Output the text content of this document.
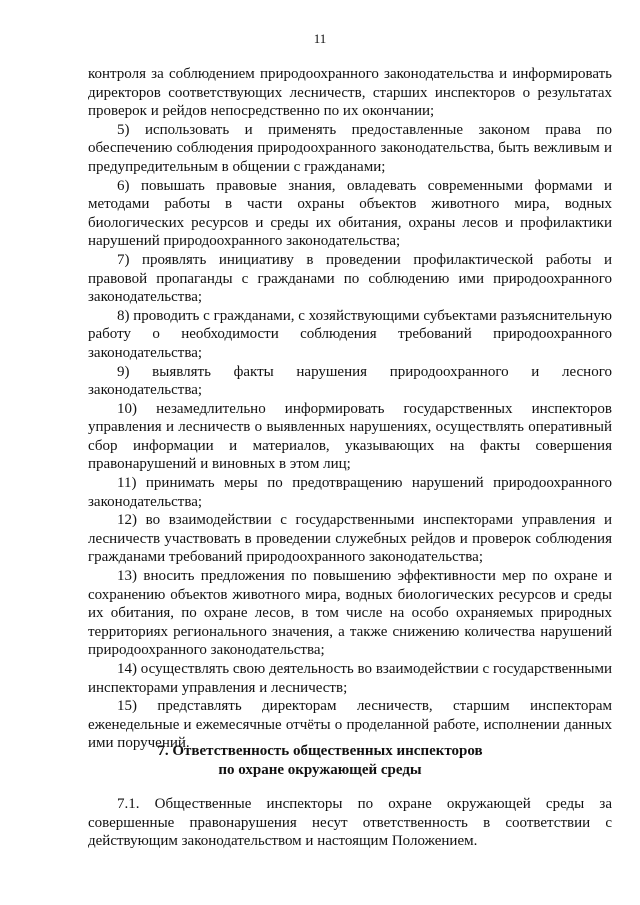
11

контроля за соблюдением природоохранного законодательства и информировать директоров соответствующих лесничеств, старших инспекторов о результатах проверок и рейдов непосредственно по их окончании;

5) использовать и применять предоставленные законом права по обеспечению соблюдения природоохранного законодательства, быть вежливым и предупредительным в общении с гражданами;

6) повышать правовые знания, овладевать современными формами и методами работы в части охраны объектов животного мира, водных биологических ресурсов и среды их обитания, охраны лесов и профилактики нарушений природоохранного законодательства;

7) проявлять инициативу в проведении профилактической работы и правовой пропаганды с гражданами по соблюдению ими природоохранного законодательства;

8) проводить с гражданами, с хозяйствующими субъектами разъяснительную работу о необходимости соблюдения требований природоохранного законодательства;

9) выявлять факты нарушения природоохранного и лесного законодательства;

10) незамедлительно информировать государственных инспекторов управления и лесничеств о выявленных нарушениях, осуществлять оперативный сбор информации и материалов, указывающих на факты совершения правонарушений и виновных в этом лиц;

11) принимать меры по предотвращению нарушений природоохранного законодательства;

12) во взаимодействии с государственными инспекторами управления и лесничеств участвовать в проведении служебных рейдов и проверок соблюдения гражданами требований природоохранного законодательства;

13) вносить предложения по повышению эффективности мер по охране и сохранению объектов животного мира, водных биологических ресурсов и среды их обитания, по охране лесов, в том числе на особо охраняемых природных территориях регионального значения, а также снижению количества нарушений природоохранного законодательства;

14) осуществлять свою деятельность во взаимодействии с государственными инспекторами управления и лесничеств;

15) представлять директорам лесничеств, старшим инспекторам еженедельные и ежемесячные отчёты о проделанной работе, исполнении данных ими поручений.

7. Ответственность общественных инспекторов
по охране окружающей среды

7.1. Общественные инспекторы по охране окружающей среды за совершенные правонарушения несут ответственность в соответствии с действующим законодательством и настоящим Положением.
